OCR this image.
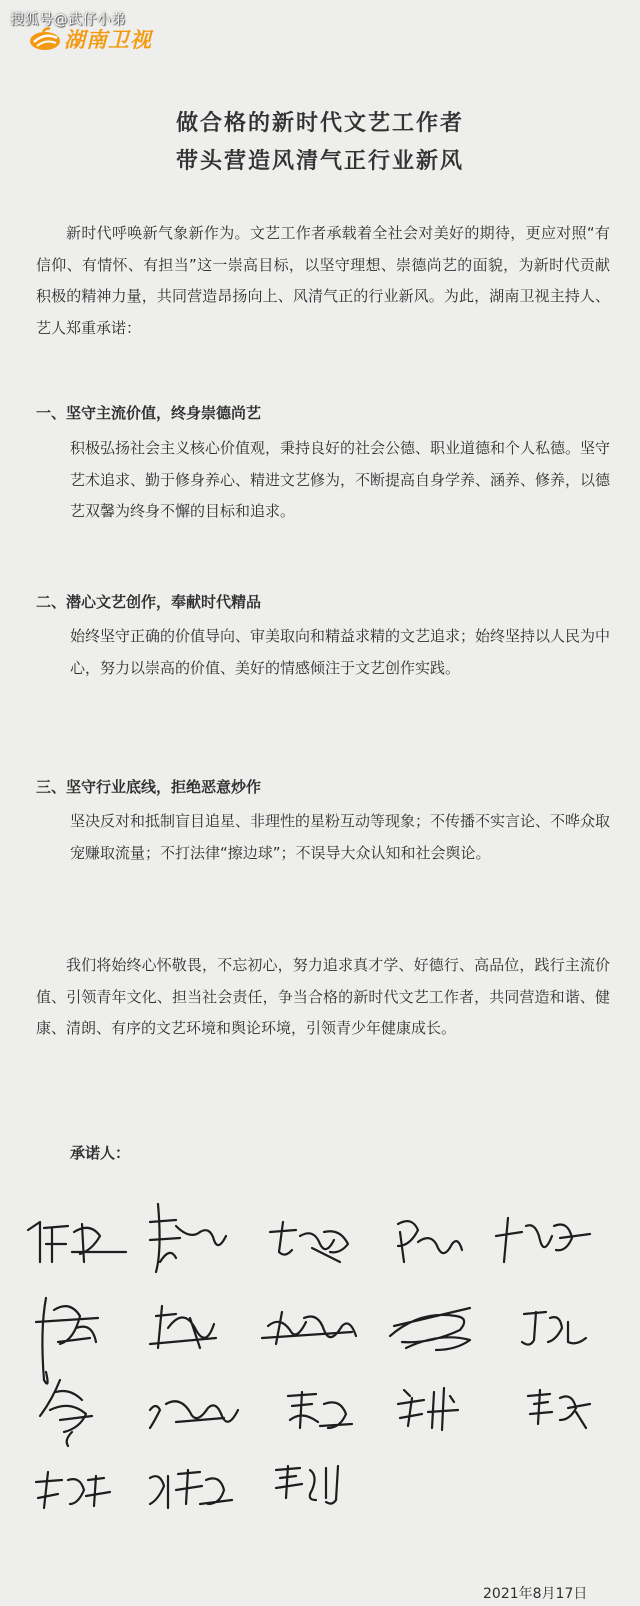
搜狐号@武仔小弟
湖南卫视
做合格的新时代文艺工作者
带头营造风清气正行业新风
新时代呼唤新气象新作为。文艺工作者承载着全社会对美好的期待，更应对照“有信仰、有情怀、有担当”这一崇高目标，以坚守理想、崇德尚艺的面貌，为新时代贡献积极的精神力量，共同营造昂扬向上、风清气正的行业新风。为此，湖南卫视主持人、艺人郑重承诺：
一、坚守主流价值，终身崇德尚艺
积极弘扬社会主义核心价值观，秉持良好的社会公德、职业道德和个人私德。坚守艺术追求、勤于修身养心、精进文艺修为，不断提高自身学养、涵养、修养，以德艺双馨为终身不懈的目标和追求。
二、潜心文艺创作，奉献时代精品
始终坚守正确的价值导向、审美取向和精益求精的文艺追求；始终坚持以人民为中心，努力以崇高的价值、美好的情感倾注于文艺创作实践。
三、坚守行业底线，拒绝恶意炒作
坚决反对和抵制盲目追星、非理性的星粉互动等现象；不传播不实言论、不哗众取宠赚取流量；不打法律“擦边球”；不误导大众认知和社会舆论。
我们将始终心怀敬畏，不忘初心，努力追求真才学、好德行、高品位，践行主流价值、引领青年文化、担当社会责任，争当合格的新时代文艺工作者，共同营造和谐、健康、清朗、有序的文艺环境和舆论环境，引领青少年健康成长。
承诺人：
2021年8月17日
